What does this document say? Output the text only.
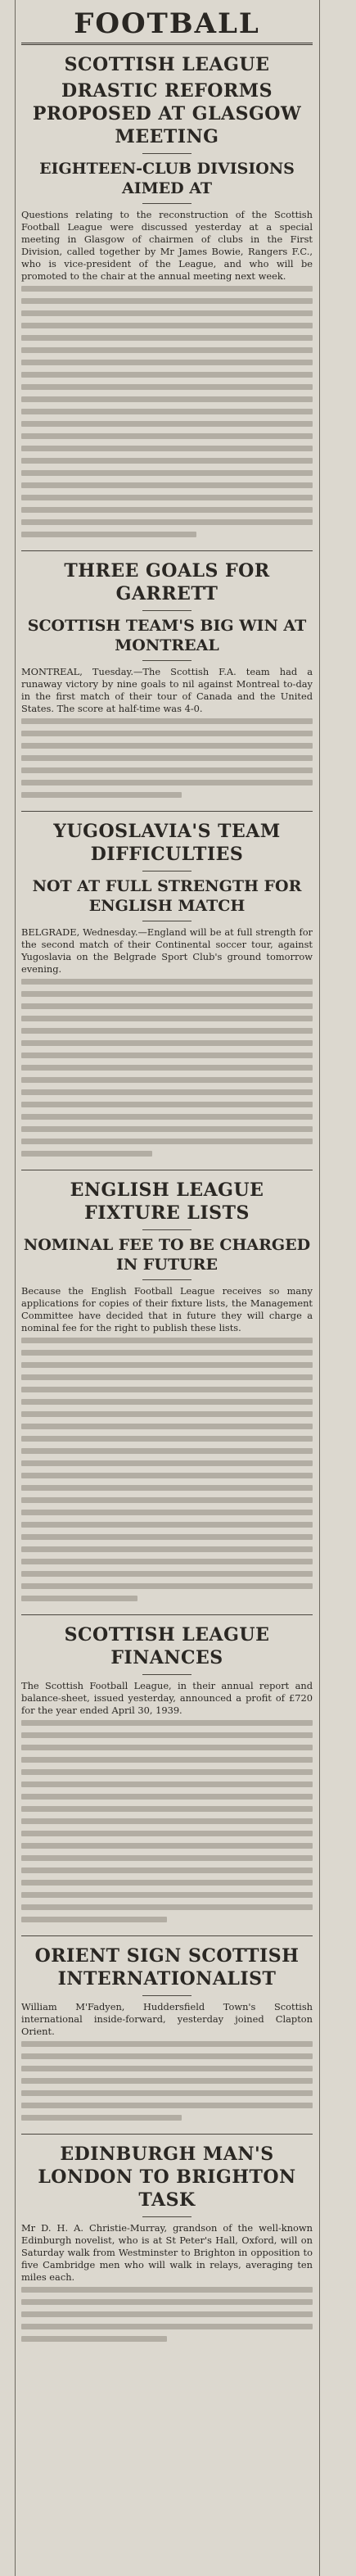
FOOTBALL
SCOTTISH LEAGUE
DRASTIC REFORMS PROPOSED AT GLASGOW MEETING
EIGHTEEN-CLUB DIVISIONS AIMED AT

Questions relating to the reconstruction of the Scottish Football League were discussed yesterday at a special meeting in Glasgow of chairmen of clubs in the First Division, called together by Mr James Bowie, Rangers F.C., who is vice-president of the League, and who will be promoted to the chair at the annual meeting next week.

THREE GOALS FOR GARRETT
SCOTTISH TEAM'S BIG WIN AT MONTREAL

MONTREAL, Tuesday.—The Scottish F.A. team had a runaway victory by nine goals to nil against Montreal to-day in the first match of their tour of Canada and the United States. The score at half-time was 4-0.

YUGOSLAVIA'S TEAM DIFFICULTIES
NOT AT FULL STRENGTH FOR ENGLISH MATCH

BELGRADE, Wednesday.—England will be at full strength for the second match of their Continental soccer tour, against Yugoslavia on the Belgrade Sport Club's ground tomorrow evening.

ENGLISH LEAGUE FIXTURE LISTS
NOMINAL FEE TO BE CHARGED IN FUTURE

Because the English Football League receives so many applications for copies of their fixture lists, the Management Committee have decided that in future they will charge a nominal fee for the right to publish these lists.

SCOTTISH LEAGUE FINANCES

The Scottish Football League, in their annual report and balance-sheet, issued yesterday, announced a profit of £720 for the year ended April 30, 1939.

ORIENT SIGN SCOTTISH INTERNATIONALIST

William M'Fadyen, Huddersfield Town's Scottish international inside-forward, yesterday joined Clapton Orient.

EDINBURGH MAN'S LONDON TO BRIGHTON TASK

Mr D. H. A. Christie-Murray, grandson of the well-known Edinburgh novelist, who is at St Peter's Hall, Oxford, will on Saturday walk from Westminster to Brighton in opposition to five Cambridge men who will walk in relays, averaging ten miles each.
